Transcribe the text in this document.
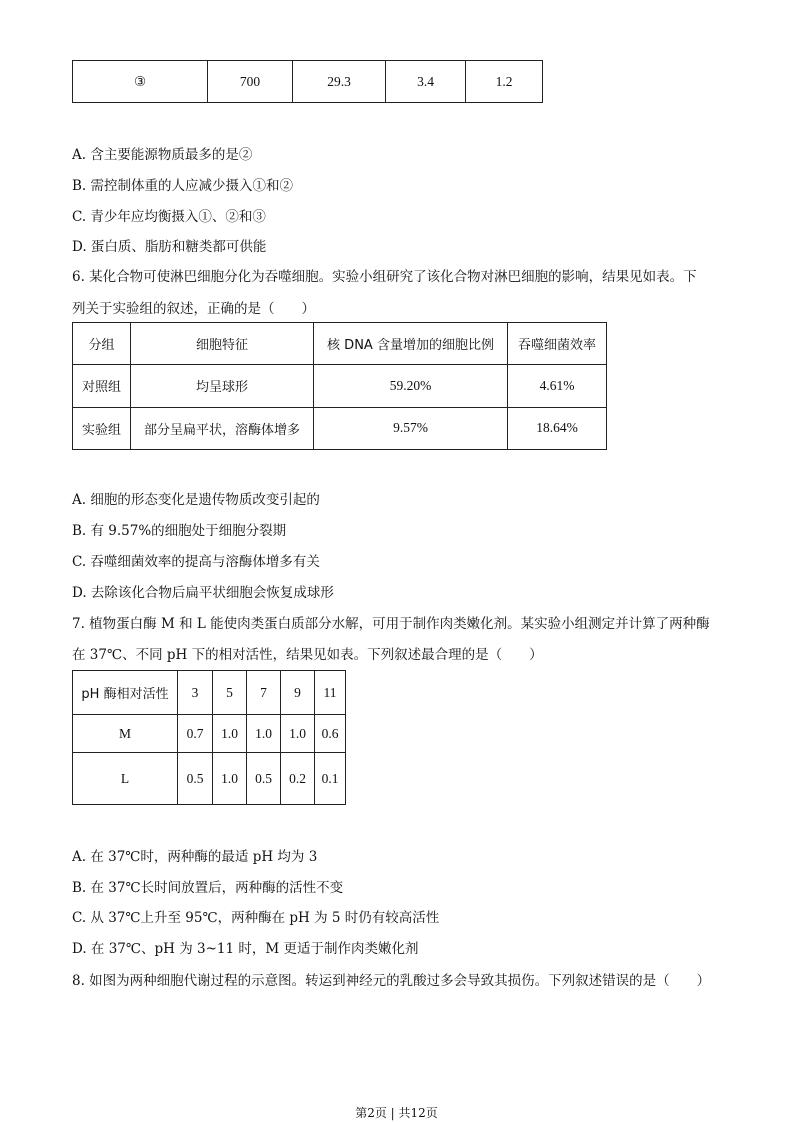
③	700	29.3	3.4	1.2
A. 含主要能源物质最多的是②
B. 需控制体重的人应减少摄入①和②
C. 青少年应均衡摄入①、②和③
D. 蛋白质、脂肪和糖类都可供能
6. 某化合物可使淋巴细胞分化为吞噬细胞。实验小组研究了该化合物对淋巴细胞的影响，结果见如表。下
列关于实验组的叙述，正确的是（　　）
分组	细胞特征	核 DNA 含量增加的细胞比例	吞噬细菌效率
对照组	均呈球形	59.20%	4.61%
实验组	部分呈扁平状，溶酶体增多	9.57%	18.64%
A. 细胞的形态变化是遗传物质改变引起的
B. 有 9.57%的细胞处于细胞分裂期
C. 吞噬细菌效率的提高与溶酶体增多有关
D. 去除该化合物后扁平状细胞会恢复成球形
7. 植物蛋白酶 M 和 L 能使肉类蛋白质部分水解，可用于制作肉类嫩化剂。某实验小组测定并计算了两种酶
在 37℃、不同 pH 下的相对活性，结果见如表。下列叙述最合理的是（　　）
pH 酶相对活性	3	5	7	9	11
M	0.7	1.0	1.0	1.0	0.6
L	0.5	1.0	0.5	0.2	0.1
A. 在 37℃时，两种酶的最适 pH 均为 3
B. 在 37℃长时间放置后，两种酶的活性不变
C. 从 37℃上升至 95℃，两种酶在 pH 为 5 时仍有较高活性
D. 在 37℃、pH 为 3~11 时，M 更适于制作肉类嫩化剂
8. 如图为两种细胞代谢过程的示意图。转运到神经元的乳酸过多会导致其损伤。下列叙述错误的是（　　）
第2页 | 共12页
